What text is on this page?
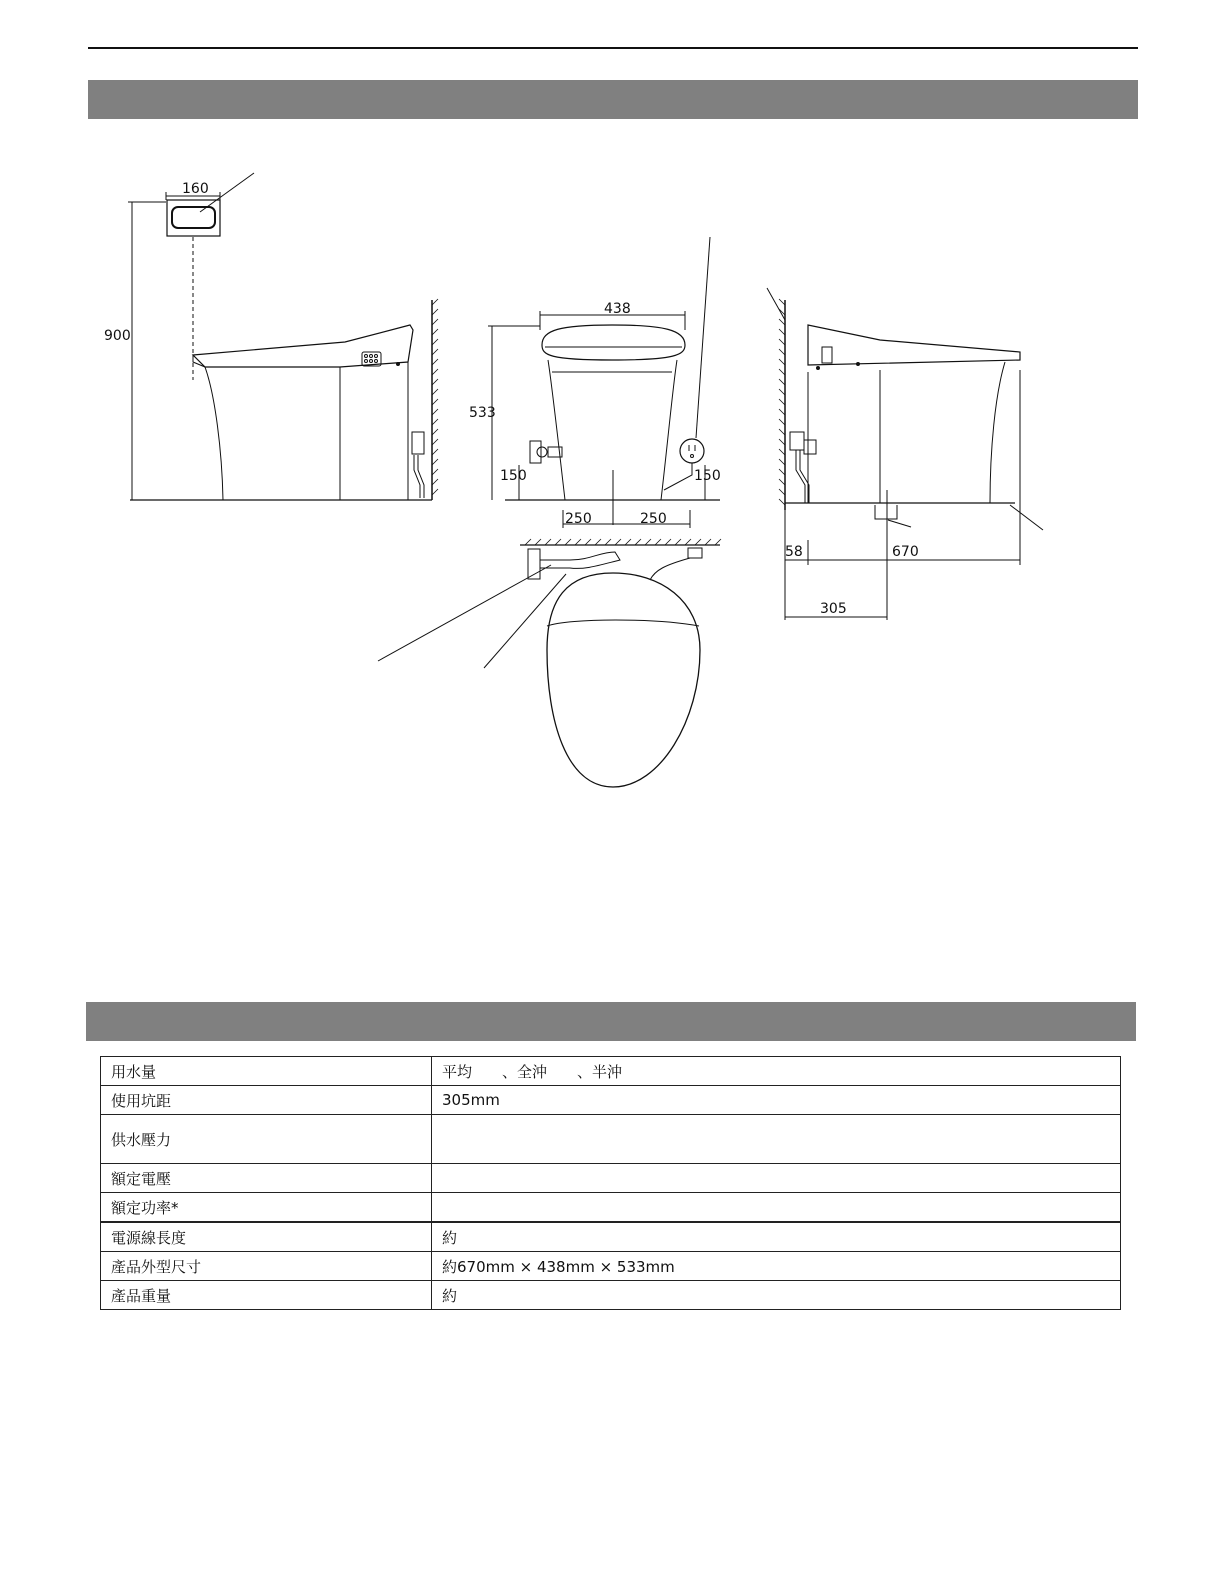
160
900
438
533
150	150
250	250
58	670
305
用水量	平均　　、全沖　　、半沖
使用坑距	305mm
供水壓力	
額定電壓	
額定功率*	
電源線長度	約
產品外型尺寸	約670mm × 438mm × 533mm
產品重量	約
